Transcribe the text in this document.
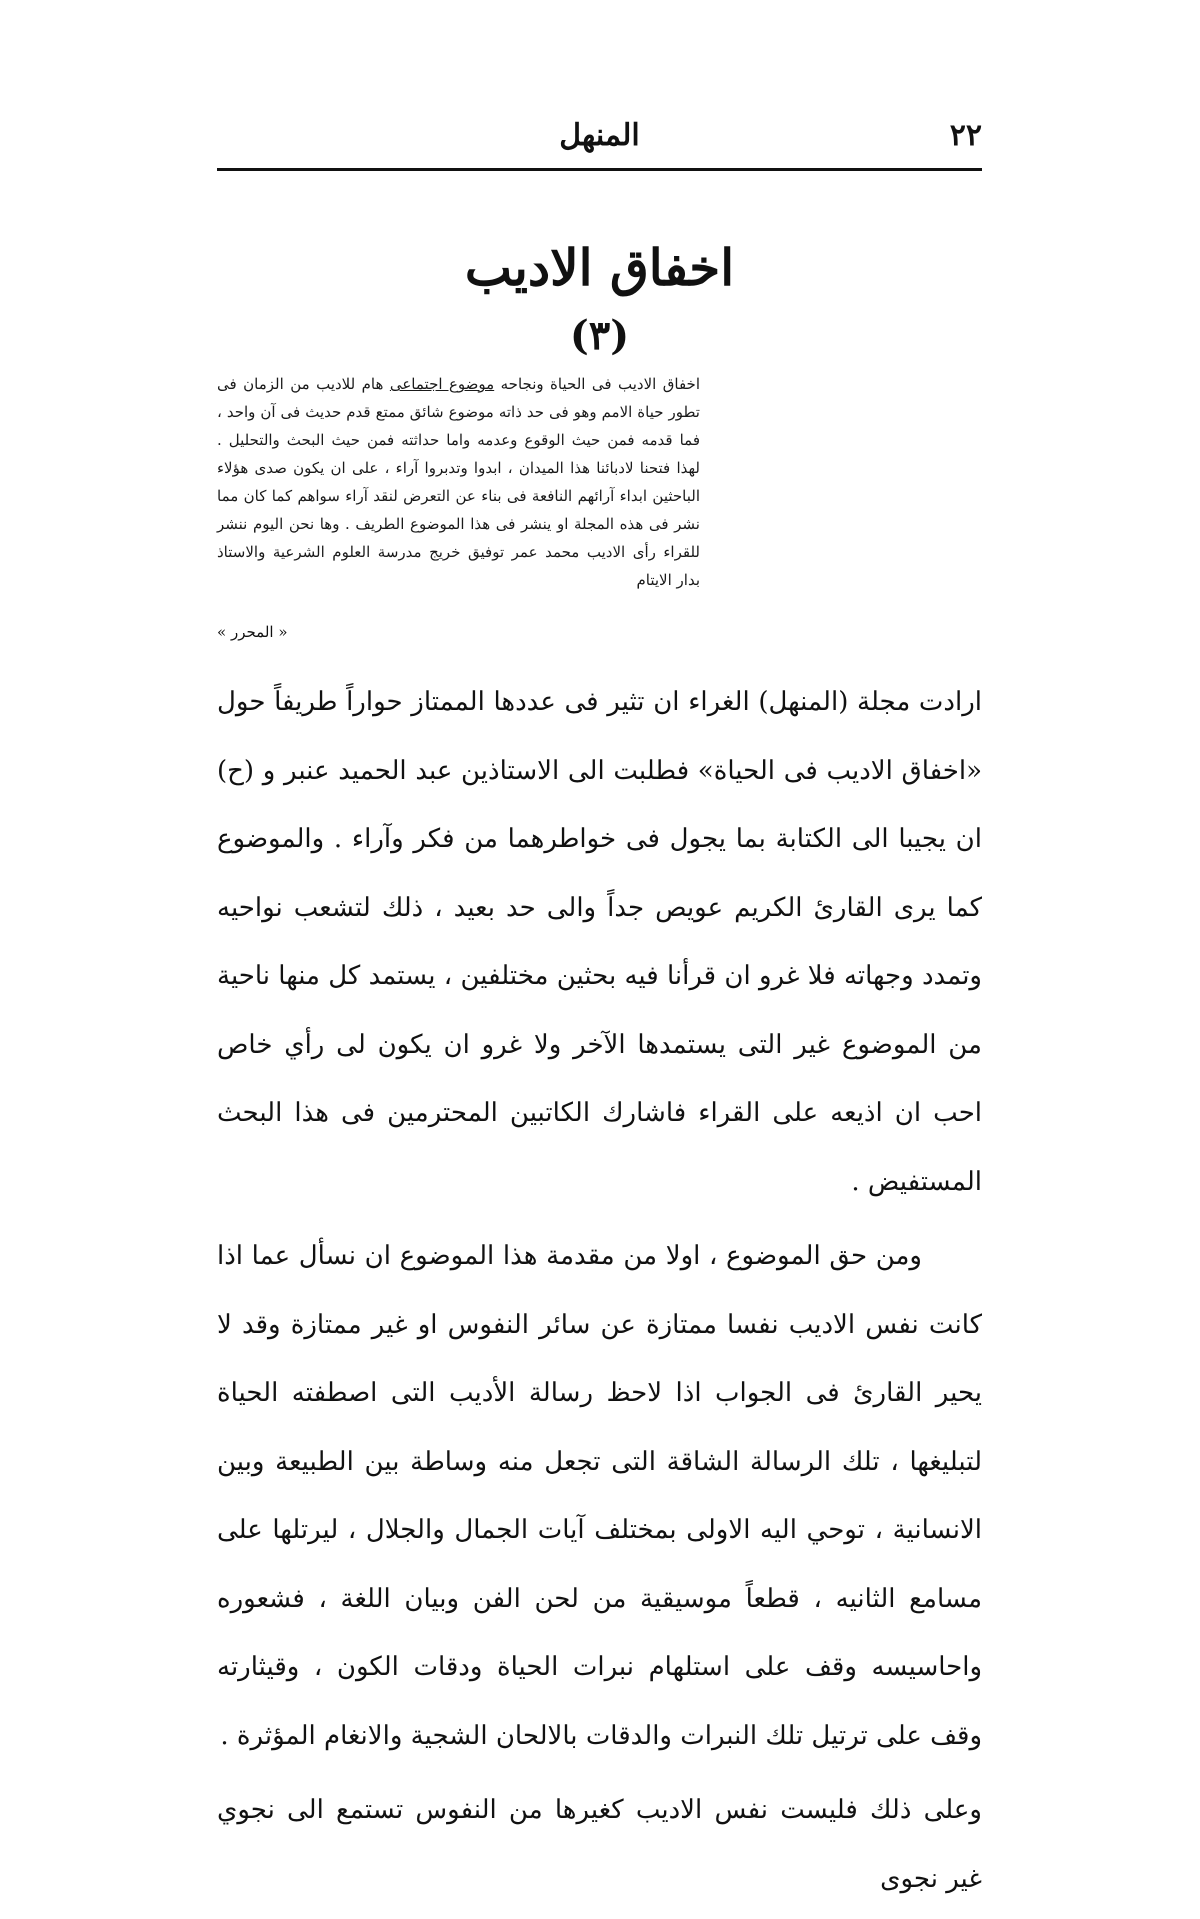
٢٢
المنهل
اخفاق الاديب
(٣)
اخفاق الاديب فى الحياة ونجاحه موضوع اجتماعى هام للاديب من الزمان فى تطور حياة الامم وهو فى حد ذاته موضوع شائق ممتع قدم حديث فى آن واحد ، فما قدمه فمن حيث الوقوع وعدمه واما حداثته فمن حيث البحث والتحليل . لهذا فتحنا لادبائنا هذا الميدان ، ابدوا وتدبروا آراء ، على ان يكون صدى هؤلاء الباحثين ابداء آرائهم النافعة فى بناء عن التعرض لنقد آراء سواهم كما كان مما نشر فى هذه المجلة او ينشر فى هذا الموضوع الطريف . وها نحن اليوم ننشر للقراء رأى الاديب محمد عمر توفيق خريج مدرسة العلوم الشرعية والاستاذ بدار الايتام
« المحرر »

ارادت مجلة (المنهل) الغراء ان تثير فى عددها الممتاز حواراً طريفاً حول «اخفاق الاديب فى الحياة» فطلبت الى الاستاذين عبد الحميد عنبر و (ح) ان يجيبا الى الكتابة بما يجول فى خواطرهما من فكر وآراء . والموضوع كما يرى القارئ الكريم عويص جداً والى حد بعيد ، ذلك لتشعب نواحيه وتمدد وجهاته فلا غرو ان قرأنا فيه بحثين مختلفين ، يستمد كل منها ناحية من الموضوع غير التى يستمدها الآخر ولا غرو ان يكون لى رأي خاص احب ان اذيعه على القراء فاشارك الكاتبين المحترمين فى هذا البحث المستفيض .

ومن حق الموضوع ، اولا من مقدمة هذا الموضوع ان نسأل عما اذا كانت نفس الاديب نفسا ممتازة عن سائر النفوس او غير ممتازة وقد لا يحير القارئ فى الجواب اذا لاحظ رسالة الأديب التى اصطفته الحياة لتبليغها ، تلك الرسالة الشاقة التى تجعل منه وساطة بين الطبيعة وبين الانسانية ، توحي اليه الاولى بمختلف آيات الجمال والجلال ، ليرتلها على مسامع الثانيه ، قطعاً موسيقية من لحن الفن وبيان اللغة ، فشعوره واحاسيسه وقف على استلهام نبرات الحياة ودقات الكون ، وقيثارته وقف على ترتيل تلك النبرات والدقات بالالحان الشجية والانغام المؤثرة .

وعلى ذلك فليست نفس الاديب كغيرها من النفوس تستمع الى نجوي غير نجوى
